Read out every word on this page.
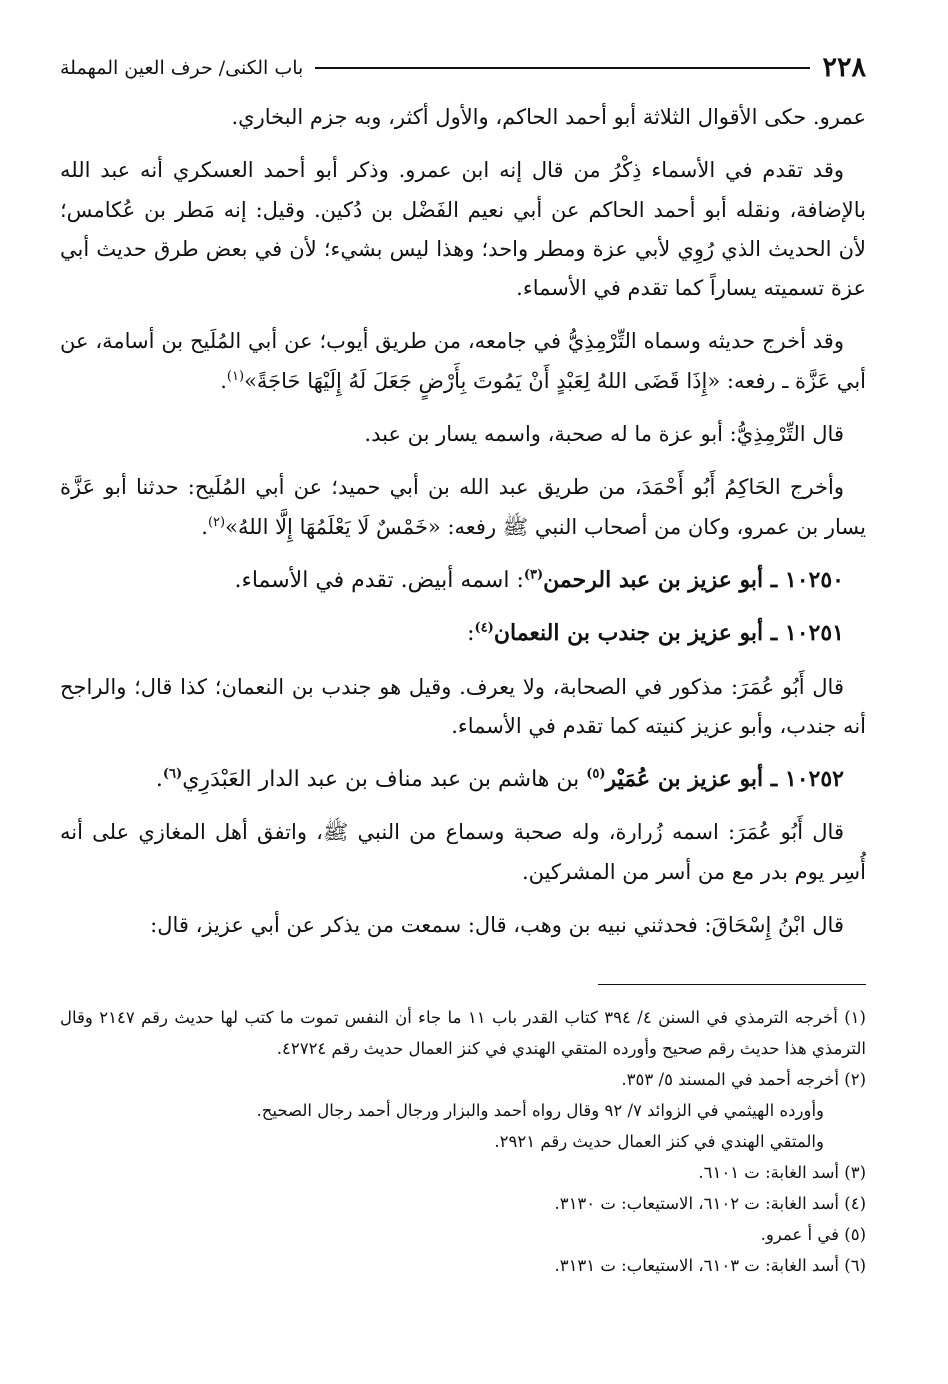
٢٢٨
باب الكنى/ حرف العين المهملة

عمرو. حكى الأقوال الثلاثة أبو أحمد الحاكم، والأول أكثر، وبه جزم البخاري.

وقد تقدم في الأسماء ذِكْرُ من قال إنه ابن عمرو. وذكر أبو أحمد العسكري أنه عبد الله بالإضافة، ونقله أبو أحمد الحاكم عن أبي نعيم الفَضْل بن دُكين. وقيل: إنه مَطر بن عُكامس؛ لأن الحديث الذي رُوِي لأبي عزة ومطر واحد؛ وهذا ليس بشيء؛ لأن في بعض طرق حديث أبي عزة تسميته يساراً كما تقدم في الأسماء.

وقد أخرج حديثه وسماه التِّرْمِذِيُّ في جامعه، من طريق أيوب؛ عن أبي المُلَيح بن أسامة، عن أبي عَزَّة ـ رفعه: «إِذَا قَضَى اللهُ لِعَبْدٍ أَنْ يَمُوتَ بِأَرْضٍ جَعَلَ لَهُ إِلَيْهَا حَاجَةً»$^{(١)}$.

قال التِّرْمِذِيُّ: أبو عزة ما له صحبة، واسمه يسار بن عبد.

وأخرج الحَاكِمُ أَبُو أَحْمَدَ، من طريق عبد الله بن أبي حميد؛ عن أبي المُلَيح: حدثنا أبو عَزَّة يسار بن عمرو، وكان من أصحاب النبي ﷺ رفعه: «خَمْسٌ لَا يَعْلَمُهَا إِلَّا اللهُ»$^{(٢)}$.

١٠٢٥٠ ـ أبو عزيز بن عبد الرحمن$^{(٣)}$: اسمه أبيض. تقدم في الأسماء.

١٠٢٥١ ـ أبو عزيز بن جندب بن النعمان$^{(٤)}$:

قال أَبُو عُمَرَ: مذكور في الصحابة، ولا يعرف. وقيل هو جندب بن النعمان؛ كذا قال؛ والراجح أنه جندب، وأبو عزيز كنيته كما تقدم في الأسماء.

١٠٢٥٢ ـ أبو عزيز بن عُمَيْر$^{(٥)}$ بن هاشم بن عبد مناف بن عبد الدار العَبْدَرِي$^{(٦)}$.

قال أَبُو عُمَرَ: اسمه زُرارة، وله صحبة وسماع من النبي ﷺ، واتفق أهل المغازي على أنه أُسِر يوم بدر مع من أسر من المشركين.

قال ابْنُ إِسْحَاقَ: فحدثني نبيه بن وهب، قال: سمعت من يذكر عن أبي عزيز، قال:

(١) أخرجه الترمذي في السنن ٤/ ٣٩٤ كتاب القدر باب ١١ ما جاء أن النفس تموت ما كتب لها حديث رقم ٢١٤٧ وقال الترمذي هذا حديث رقم صحيح وأورده المتقي الهندي في كنز العمال حديث رقم ٤٢٧٢٤.

(٢) أخرجه أحمد في المسند ٥/ ٣٥٣.

وأورده الهيثمي في الزوائد ٧/ ٩٢ وقال رواه أحمد والبزار ورجال أحمد رجال الصحيح.

والمتقي الهندي في كنز العمال حديث رقم ٢٩٢١.

(٣) أسد الغابة: ت ٦١٠١.

(٤) أسد الغابة: ت ٦١٠٢، الاستيعاب: ت ٣١٣٠.

(٥) في أ عمرو.

(٦) أسد الغابة: ت ٦١٠٣، الاستيعاب: ت ٣١٣١.
